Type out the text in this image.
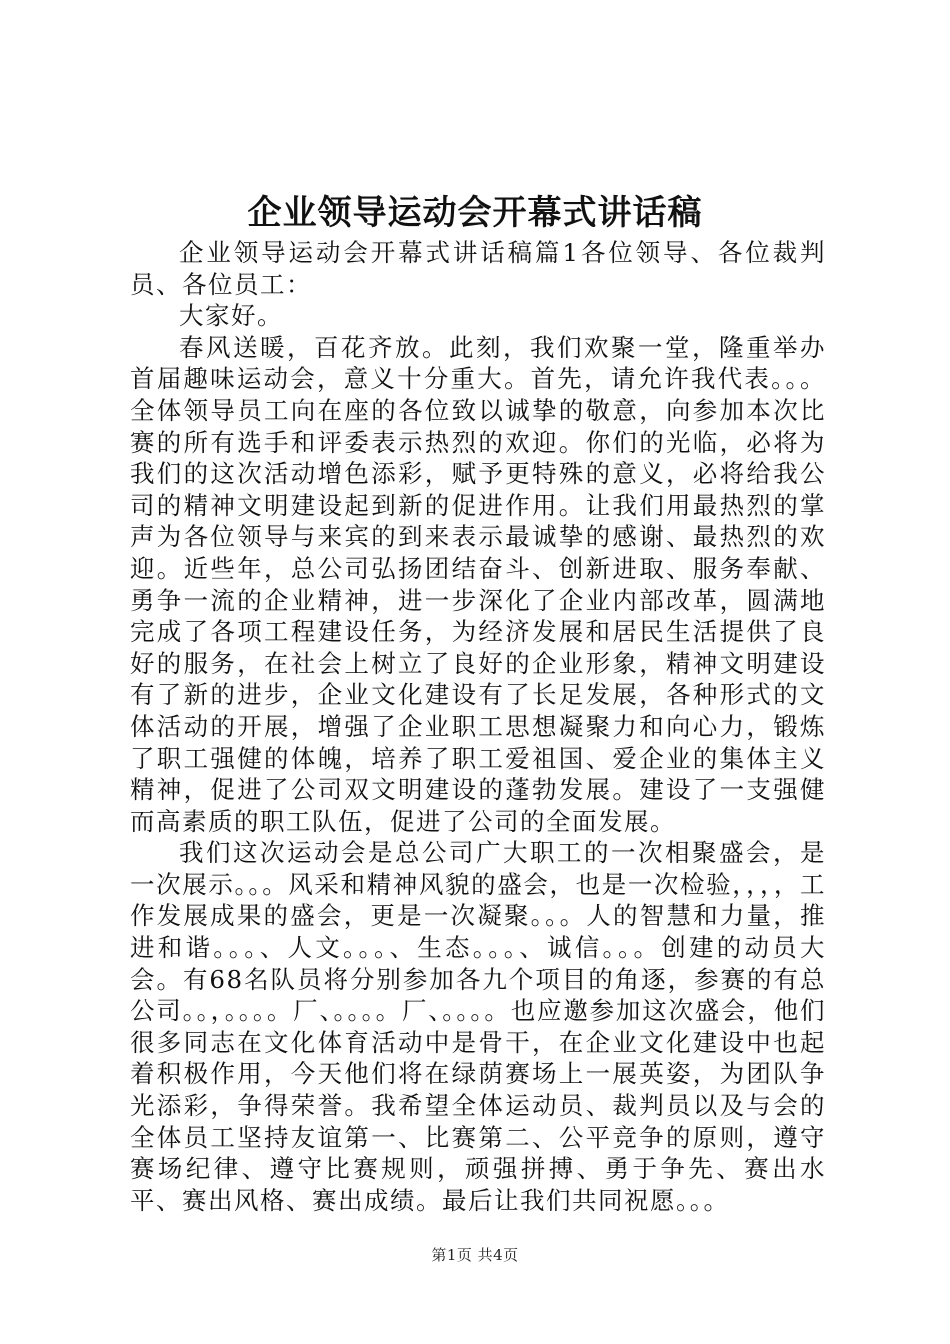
企业领导运动会开幕式讲话稿

企业领导运动会开幕式讲话稿篇1各位领导、各位裁判员、各位员工：

大家好。

春风送暖，百花齐放。此刻，我们欢聚一堂，隆重举办首届趣味运动会，意义十分重大。首先，请允许我代表。。。全体领导员工向在座的各位致以诚挚的敬意，向参加本次比赛的所有选手和评委表示热烈的欢迎。你们的光临，必将为我们的这次活动增色添彩，赋予更特殊的意义，必将给我公司的精神文明建设起到新的促进作用。让我们用最热烈的掌声为各位领导与来宾的到来表示最诚挚的感谢、最热烈的欢迎。近些年，总公司弘扬团结奋斗、创新进取、服务奉献、勇争一流的企业精神，进一步深化了企业内部改革，圆满地完成了各项工程建设任务，为经济发展和居民生活提供了良好的服务，在社会上树立了良好的企业形象，精神文明建设有了新的进步，企业文化建设有了长足发展，各种形式的文体活动的开展，增强了企业职工思想凝聚力和向心力，锻炼了职工强健的体魄，培养了职工爱祖国、爱企业的集体主义精神，促进了公司双文明建设的蓬勃发展。建设了一支强健而高素质的职工队伍，促进了公司的全面发展。

我们这次运动会是总公司广大职工的一次相聚盛会，是一次展示。。。风采和精神风貌的盛会，也是一次检验，，，，工作发展成果的盛会，更是一次凝聚。。。人的智慧和力量，推进和谐。。。、人文。。。、生态。。。、诚信。。。创建的动员大会。有68名队员将分别参加各九个项目的角逐，参赛的有总公司。。，。。。。厂、。。。。厂、。。。。也应邀参加这次盛会，他们很多同志在文化体育活动中是骨干，在企业文化建设中也起着积极作用，今天他们将在绿荫赛场上一展英姿，为团队争光添彩，争得荣誉。我希望全体运动员、裁判员以及与会的全体员工坚持友谊第一、比赛第二、公平竞争的原则，遵守赛场纪律、遵守比赛规则，顽强拼搏、勇于争先、赛出水平、赛出风格、赛出成绩。最后让我们共同祝愿。。。

第1页 共4页
